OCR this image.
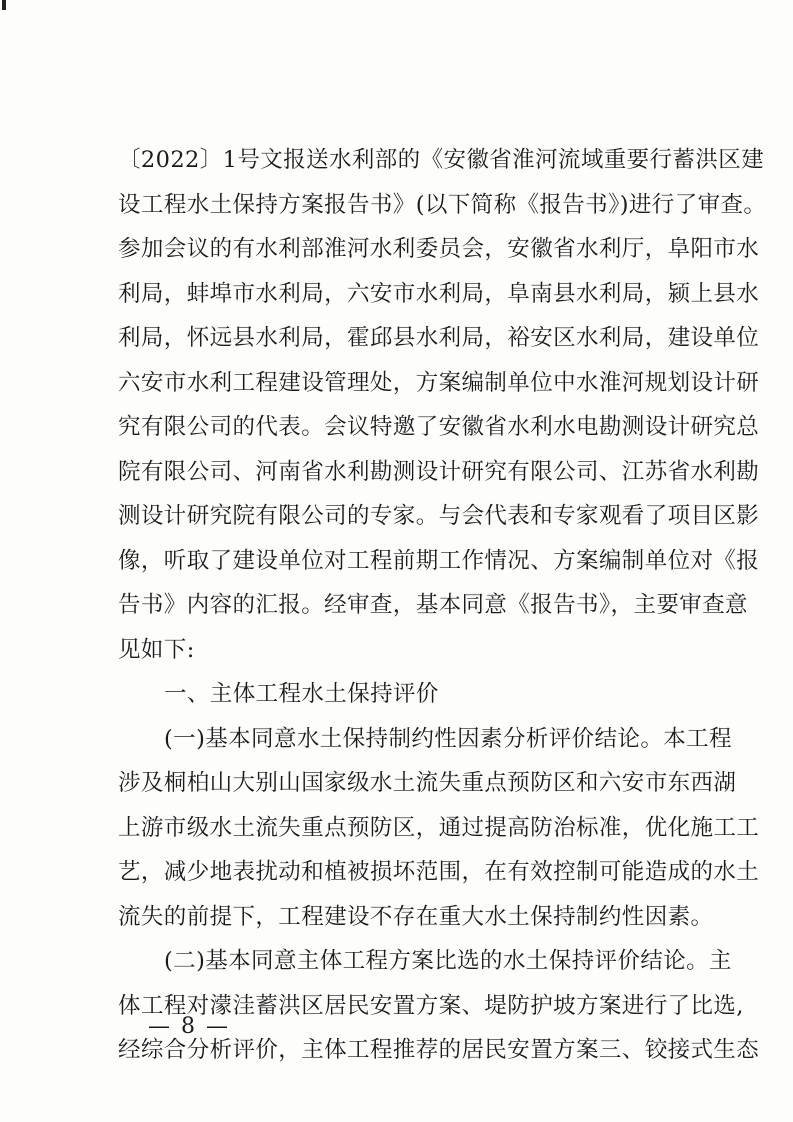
〔2022〕1号文报送水利部的《安徽省淮河流域重要行蓄洪区建
设工程水土保持方案报告书》(以下简称《报告书》)进行了审查。
参加会议的有水利部淮河水利委员会，安徽省水利厅，阜阳市水
利局，蚌埠市水利局，六安市水利局，阜南县水利局，颍上县水
利局，怀远县水利局，霍邱县水利局，裕安区水利局，建设单位
六安市水利工程建设管理处，方案编制单位中水淮河规划设计研
究有限公司的代表。会议特邀了安徽省水利水电勘测设计研究总
院有限公司、河南省水利勘测设计研究有限公司、江苏省水利勘
测设计研究院有限公司的专家。与会代表和专家观看了项目区影
像，听取了建设单位对工程前期工作情况、方案编制单位对《报
告书》内容的汇报。经审查，基本同意《报告书》，主要审查意
见如下:
一、主体工程水土保持评价
(一)基本同意水土保持制约性因素分析评价结论。本工程
涉及桐柏山大别山国家级水土流失重点预防区和六安市东西湖
上游市级水土流失重点预防区，通过提高防治标准，优化施工工
艺，减少地表扰动和植被损坏范围，在有效控制可能造成的水土
流失的前提下，工程建设不存在重大水土保持制约性因素。
(二)基本同意主体工程方案比选的水土保持评价结论。主
体工程对濛洼蓄洪区居民安置方案、堤防护坡方案进行了比选,
经综合分析评价，主体工程推荐的居民安置方案三、铰接式生态
— 8 —
